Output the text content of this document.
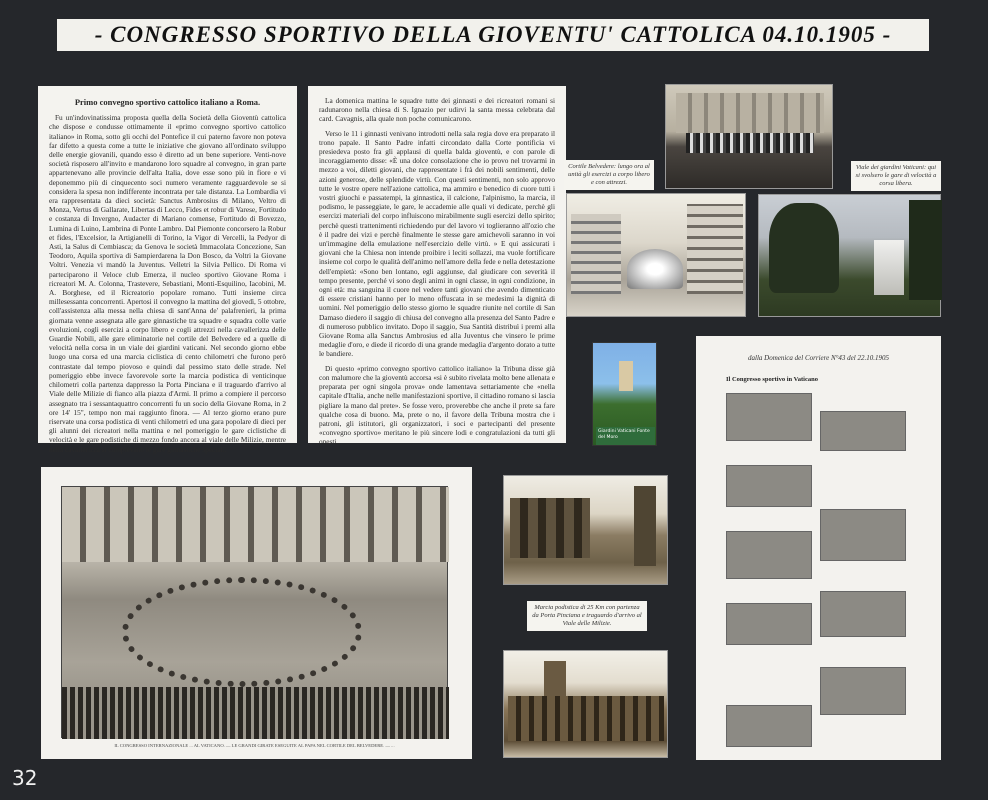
- CONGRESSO SPORTIVO DELLA GIOVENTU' CATTOLICA 04.10.1905 -

Primo convegno sportivo cattolico italiano a Roma.

Fu un'indovinatissima proposta quella della Società della Gioventù cattolica che dispose e condusse ottimamente il «primo convegno sportivo cattolico italiano» in Roma, sotto gli occhi del Pontefice il cui paterno favore non poteva far difetto a questa come a tutte le iniziative che giovano all'ordinato sviluppo delle energie giovanili, quando esso è diretto ad un bene superiore. Venti-nove società risposero all'invito e mandarono loro squadre al convegno, in gran parte appartenevano alle provincie dell'alta Italia, dove esse sono più in fiore e vi deponemmo più di cinquecento soci numero veramente ragguardevole se si considera la spesa non indifferente incontrata per tale distanza. La Lombardia vi era rappresentata da dieci società: Sanctus Ambrosius di Milano, Veltro di Monza, Vertus di Gallarate, Libertas di Lecco, Fides et robur di Varese, Fortitudo e costanza di Invergno, Audacter di Mariano comense, Fortitudo di Bovezzo, Lumina di Luino, Lambrina di Ponte Lambro. Dal Piemonte concorsero la Robur et fides, l'Excelsior, la Artigianelli di Torino, la Vigor di Vercelli, la Pedyor di Asti, la Salus di Cembiasca; da Genova le società Immacolata Concezione, San Teodoro, Aquila sportiva di Sampierdarena la Don Bosco, da Voltri la Giovane Voltri. Venezia vi mandò la Juventus. Velletri la Silvia Pellico. Di Roma vi parteciparono il Veloce club Emerza, il nucleo sportivo Giovane Roma i ricreatori M. A. Colonna, Trastevere, Sebastiani, Monti-Esquilino, Iacobini, M. A. Borghese, ed il Ricreatorio popolare romano. Tutti insieme circa millesessanta concorrenti. Apertosi il convegno la mattina del giovedì, 5 ottobre, coll'assistenza alla messa nella chiesa di sant'Anna de' palafrenieri, la prima giornata venne assegnata alle gare ginnastiche tra squadre e squadra colle varie evoluzioni, cogli esercizi a corpo libero e cogli attrezzi nella cavallerizza delle Guardie Nobili, alle gare eliminatorie nel cortile del Belvedere ed a quelle di velocità nella corsa in un viale dei giardini vaticani. Nel secondo giorno ebbe luogo una corsa ed una marcia ciclistica di cento chilometri che furono però contrastate dal tempo piovoso e quindi dal pessimo stato delle strade. Nel pomeriggio ebbe invece favorevole sorte la marcia podistica di venticinque chilometri colla partenza dappresso la Porta Pinciana e il traguardo d'arrivo al Viale delle Milizie di fianco alla piazza d'Armi. Il primo a compiere il percorso assegnato tra i sessantaquattro concorrenti fu un socio della Giovane Roma, in 2 ore 14' 15", tempo non mai raggiunto finora. — Al terzo giorno erano pure riservate una corsa podistica di venti chilometri ed una gara popolare di dieci per gli alunni dei ricreatori nella mattina e nel pomeriggio le gare ciclistiche di velocità e le gare podistiche di mezzo fondo ancora al viale delle Milizie, mentre nella cavallerizza si compievano le gare ginnastiche speciali.

La domenica mattina le squadre tutte dei ginnasti e dei ricreatori romani si radunarono nella chiesa di S. Ignazio per udirvi la santa messa celebrata dal card. Cavagnis, alla quale non poche comunicarono.

Verso le 11 i ginnasti venivano introdotti nella sala regia dove era preparato il trono papale. Il Santo Padre infatti circondato dalla Corte pontificia vi presiedeva posto fra gli applausi di quella balda gioventù, e con parole di incoraggiamento disse: «È una dolce consolazione che io provo nel trovarmi in mezzo a voi, diletti giovani, che rappresentate i frà dei nobili sentimenti, delle azioni generose, delle splendide virtù. Con questi sentimenti, non solo approvo tutte le vostre opere nell'azione cattolica, ma ammiro e benedico di cuore tutti i vostri giuochi e passatempi, la ginnastica, il calcione, l'alpinismo, la marcia, il podismo, le passeggiate, le gare, le accademie alle quali vi dedicate, perchè gli esercizi materiali del corpo influiscono mirabilmente sugli esercizi dello spirito; perchè questi trattenimenti richiedendo pur del lavoro vi toglieranno all'ozio che è il padre dei vizi e perchè finalmente le stesse gare amichevoli saranno in voi un'immagine della emulazione nell'esercizio delle virtù. » E qui assicurati i giovani che la Chiesa non intende proibire i leciti sollazzi, ma vuole fortificare insieme col corpo le qualità dell'animo nell'amore della fede e nella detestazione dell'empietà: «Sono ben lontano, egli aggiunse, dal giudicare con severità il tempo presente, perché vi sono degli animi in ogni classe, in ogni condizione, in ogni età: ma sanguina il cuore nel vedere tanti giovani che avendo dimenticato di essere cristiani hanno per lo meno offuscata in se medesimi la dignità di uomini. Nel pomeriggio dello stesso giorno le squadre riunite nel cortile di San Damaso diedero il saggio di chiusa del convegno alla presenza del Santo Padre e di numeroso pubblico invitato. Dopo il saggio, Sua Santità distribuì i premi alla Giovane Roma alla Sanctus Ambrosius ed alla Juventus che vinsero le prime medaglie d'oro, e diede il ricordo di una grande medaglia d'argento dorato a tutte le bandiere.

Di questo «primo convegno sportivo cattolico italiano» la Tribuna disse già con malumore che la gioventù accorsa «si è subito rivelata molto bene allenata e preparata per ogni singola prova» onde lamentava settariamente che «nella capitale d'Italia, anche nelle manifestazioni sportive, il cittadino romano si lascia pigliare la mano dal prete». Se fosse vero, proverebbe che anche il prete sa fare qualche cosa di buono. Ma, prete o no, il favore della Tribuna mostra che i patroni, gli istitutori, gli organizzatori, i soci e partecipanti del presente «convegno sportivo» meritano le più sincere lodi e congratulazioni da tutti gli onesti.

Cortile Belvedere: lungo ora al unità gli esercizi a corpo libero e con attrezzi.
Viale dei giardini Vaticani: qui si svolsero le gare di velocità a corsa libera.
Giardini Vaticani Fonte del Moro
dalla Domenica del Corriere N°43 del 22.10.1905
Il Congresso sportivo in Vaticano
IL CONGRESSO INTERNAZIONALE ... AL VATICANO. — LE GRANDI GIRATE ESEGUITE AL PAPA NEL CORTILE DEL BELVEDERE. — ...
Marcia podistica di 25 Km con partenza da Porta Pinciana e traguardo d'arrivo al Viale delle Milizie.
32
